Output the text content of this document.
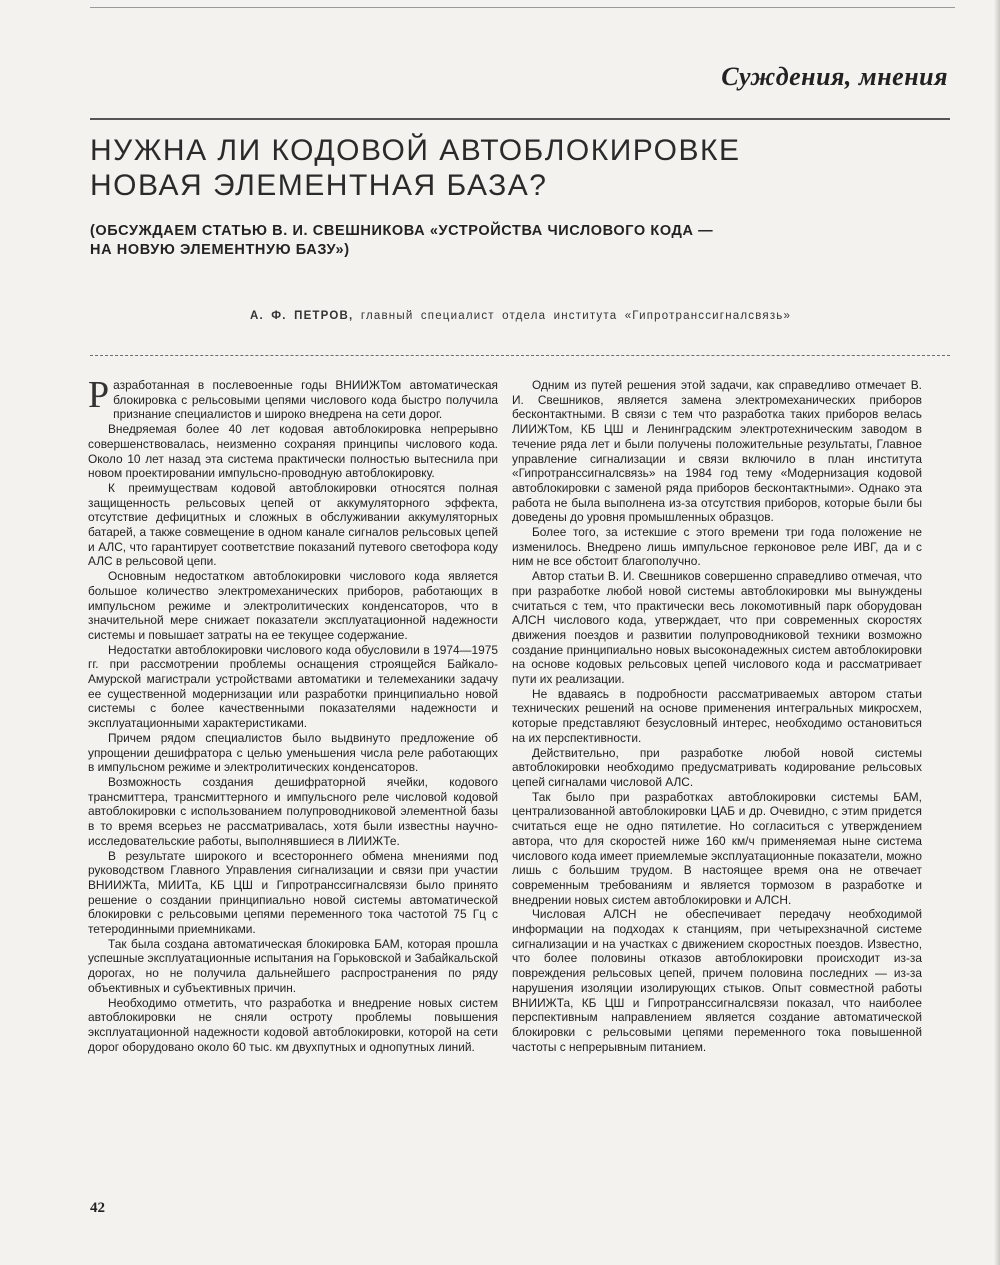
Суждения, мнения
НУЖНА ЛИ КОДОВОЙ АВТОБЛОКИРОВКЕ
НОВАЯ ЭЛЕМЕНТНАЯ БАЗА?
(ОБСУЖДАЕМ СТАТЬЮ В. И. СВЕШНИКОВА «УСТРОЙСТВА ЧИСЛОВОГО КОДА —
НА НОВУЮ ЭЛЕМЕНТНУЮ БАЗУ»)
А. Ф. ПЕТРОВ, главный специалист отдела института «Гипротранссигналсвязь»

Разработанная в послевоенные годы ВНИИЖТом автоматическая блокировка с рельсовыми цепями числового кода быстро получила признание специалистов и широко внедрена на сети дорог.

Внедряемая более 40 лет кодовая автоблокировка непрерывно совершенствовалась, неизменно сохраняя принципы числового кода. Около 10 лет назад эта система практически полностью вытеснила при новом проектировании импульсно-проводную автоблокировку.

К преимуществам кодовой автоблокировки относятся полная защищенность рельсовых цепей от аккумуляторного эффекта, отсутствие дефицитных и сложных в обслуживании аккумуляторных батарей, а также совмещение в одном канале сигналов рельсовых цепей и АЛС, что гарантирует соответствие показаний путевого светофора коду АЛС в рельсовой цепи.

Основным недостатком автоблокировки числового кода является большое количество электромеханических приборов, работающих в импульсном режиме и электролитических конденсаторов, что в значительной мере снижает показатели эксплуатационной надежности системы и повышает затраты на ее текущее содержание.

Недостатки автоблокировки числового кода обусловили в 1974—1975 гг. при рассмотрении проблемы оснащения строящейся Байкало-Амурской магистрали устройствами автоматики и телемеханики задачу ее существенной модернизации или разработки принципиально новой системы с более качественными показателями надежности и эксплуатационными характеристиками.

Причем рядом специалистов было выдвинуто предложение об упрощении дешифратора с целью уменьшения числа реле работающих в импульсном режиме и электролитических конденсаторов.

Возможность создания дешифраторной ячейки, кодового трансмиттера, трансмиттерного и импульсного реле числовой кодовой автоблокировки с использованием полупроводниковой элементной базы в то время всерьез не рассматривалась, хотя были известны научно-исследовательские работы, выполнявшиеся в ЛИИЖТе.

В результате широкого и всестороннего обмена мнениями под руководством Главного Управления сигнализации и связи при участии ВНИИЖТа, МИИТа, КБ ЦШ и Гипротранссигналсвязи было принято решение о создании принципиально новой системы автоматической блокировки с рельсовыми цепями переменного тока частотой 75 Гц с тетеродинными приемниками.

Так была создана автоматическая блокировка БАМ, которая прошла успешные эксплуатационные испытания на Горьковской и Забайкальской дорогах, но не получила дальнейшего распространения по ряду объективных и субъективных причин.

Необходимо отметить, что разработка и внедрение новых систем автоблокировки не сняли остроту проблемы повышения эксплуатационной надежности кодовой автоблокировки, которой на сети дорог оборудовано около 60 тыс. км двухпутных и однопутных линий.

Одним из путей решения этой задачи, как справедливо отмечает В. И. Свешников, является замена электромеханических приборов бесконтактными. В связи с тем что разработка таких приборов велась ЛИИЖТом, КБ ЦШ и Ленинградским электротехническим заводом в течение ряда лет и были получены положительные результаты, Главное управление сигнализации и связи включило в план института «Гипротранссигналсвязь» на 1984 год тему «Модернизация кодовой автоблокировки с заменой ряда приборов бесконтактными». Однако эта работа не была выполнена из-за отсутствия приборов, которые были бы доведены до уровня промышленных образцов.

Более того, за истекшие с этого времени три года положение не изменилось. Внедрено лишь импульсное герконовое реле ИВГ, да и с ним не все обстоит благополучно.

Автор статьи В. И. Свешников совершенно справедливо отмечая, что при разработке любой новой системы автоблокировки мы вынуждены считаться с тем, что практически весь локомотивный парк оборудован АЛСН числового кода, утверждает, что при современных скоростях движения поездов и развитии полупроводниковой техники возможно создание принципиально новых высоконадежных систем автоблокировки на основе кодовых рельсовых цепей числового кода и рассматривает пути их реализации.

Не вдаваясь в подробности рассматриваемых автором статьи технических решений на основе применения интегральных микросхем, которые представляют безусловный интерес, необходимо остановиться на их перспективности.

Действительно, при разработке любой новой системы автоблокировки необходимо предусматривать кодирование рельсовых цепей сигналами числовой АЛС.

Так было при разработках автоблокировки системы БАМ, централизованной автоблокировки ЦАБ и др. Очевидно, с этим придется считаться еще не одно пятилетие. Но согласиться с утверждением автора, что для скоростей ниже 160 км/ч применяемая ныне система числового кода имеет приемлемые эксплуатационные показатели, можно лишь с большим трудом. В настоящее время она не отвечает современным требованиям и является тормозом в разработке и внедрении новых систем автоблокировки и АЛСН.

Числовая АЛСН не обеспечивает передачу необходимой информации на подходах к станциям, при четырехзначной системе сигнализации и на участках с движением скоростных поездов. Известно, что более половины отказов автоблокировки происходит из-за повреждения рельсовых цепей, причем половина последних — из-за нарушения изоляции изолирующих стыков. Опыт совместной работы ВНИИЖТа, КБ ЦШ и Гипротранссигналсвязи показал, что наиболее перспективным направлением является создание автоматической блокировки с рельсовыми цепями переменного тока повышенной частоты с непрерывным питанием.

42
